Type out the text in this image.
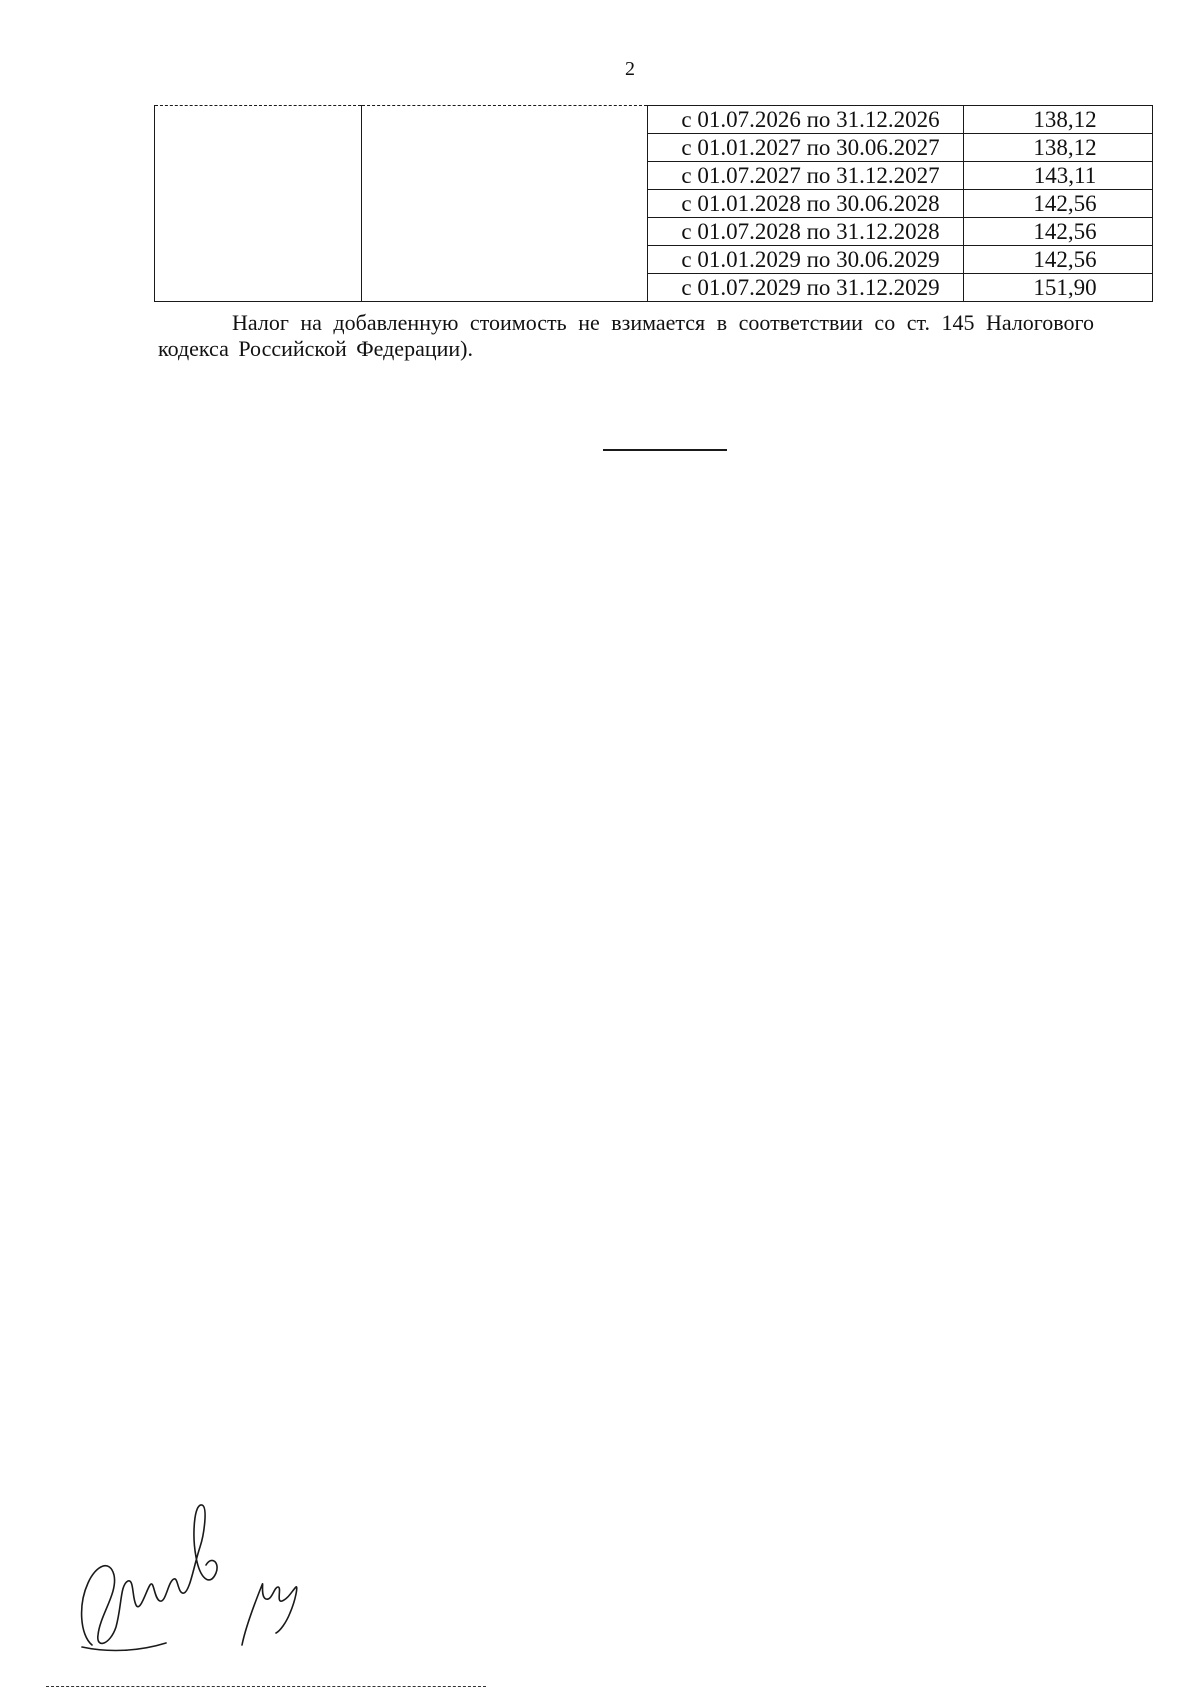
2
		с 01.07.2026 по 31.12.2026	138,12
		с 01.01.2027 по 30.06.2027	138,12
		с 01.07.2027 по 31.12.2027	143,11
		с 01.01.2028 по 30.06.2028	142,56
		с 01.07.2028 по 31.12.2028	142,56
		с 01.01.2029 по 30.06.2029	142,56
		с 01.07.2029 по 31.12.2029	151,90
Налог на добавленную стоимость не взимается в соответствии со ст. 145 Налогового кодекса Российской Федерации).
